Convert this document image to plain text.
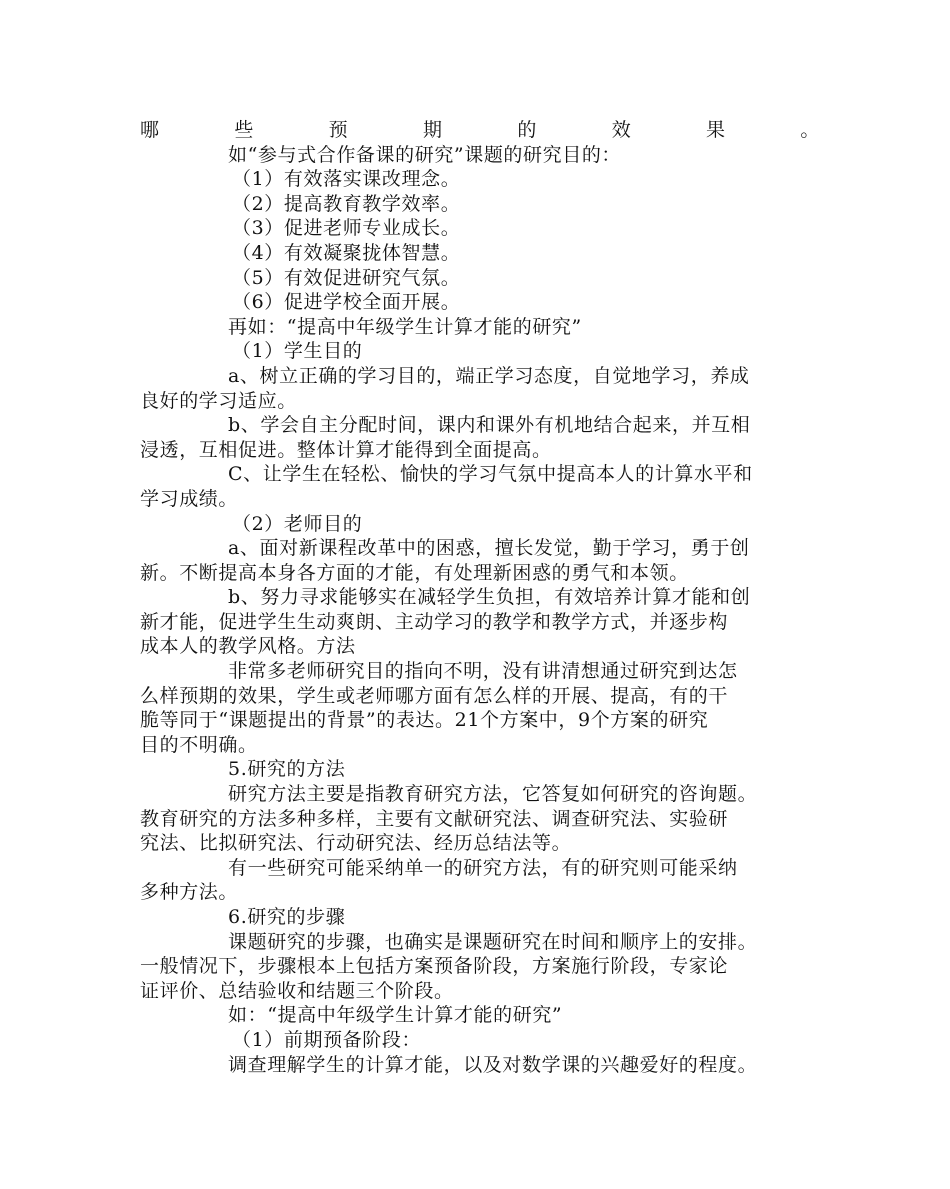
哪些预期的效果。
如“参与式合作备课的研究”课题的研究目的：
（1）有效落实课改理念。
（2）提高教育教学效率。
（3）促进老师专业成长。
（4）有效凝聚拢体智慧。
（5）有效促进研究气氛。
（6）促进学校全面开展。
再如：“提高中年级学生计算才能的研究”
（1）学生目的
a、树立正确的学习目的，端正学习态度，自觉地学习，养成
良好的学习适应。
b、学会自主分配时间，课内和课外有机地结合起来，并互相
浸透，互相促进。整体计算才能得到全面提高。
C、让学生在轻松、愉快的学习气氛中提高本人的计算水平和
学习成绩。
（2）老师目的
a、面对新课程改革中的困惑，擅长发觉，勤于学习，勇于创
新。不断提高本身各方面的才能，有处理新困惑的勇气和本领。
b、努力寻求能够实在减轻学生负担，有效培养计算才能和创
新才能，促进学生生动爽朗、主动学习的教学和教学方式，并逐步构
成本人的教学风格。方法
非常多老师研究目的指向不明，没有讲清想通过研究到达怎
么样预期的效果，学生或老师哪方面有怎么样的开展、提高，有的干
脆等同于“课题提出的背景”的表达。21个方案中，9个方案的研究
目的不明确。
5.研究的方法
研究方法主要是指教育研究方法，它答复如何研究的咨询题。
教育研究的方法多种多样，主要有文献研究法、调查研究法、实验研
究法、比拟研究法、行动研究法、经历总结法等。
有一些研究可能采纳单一的研究方法，有的研究则可能采纳
多种方法。
6.研究的步骤
课题研究的步骤，也确实是课题研究在时间和顺序上的安排。
一般情况下，步骤根本上包括方案预备阶段，方案施行阶段，专家论
证评价、总结验收和结题三个阶段。
如：“提高中年级学生计算才能的研究”
（1）前期预备阶段：
调查理解学生的计算才能，以及对数学课的兴趣爱好的程度。
